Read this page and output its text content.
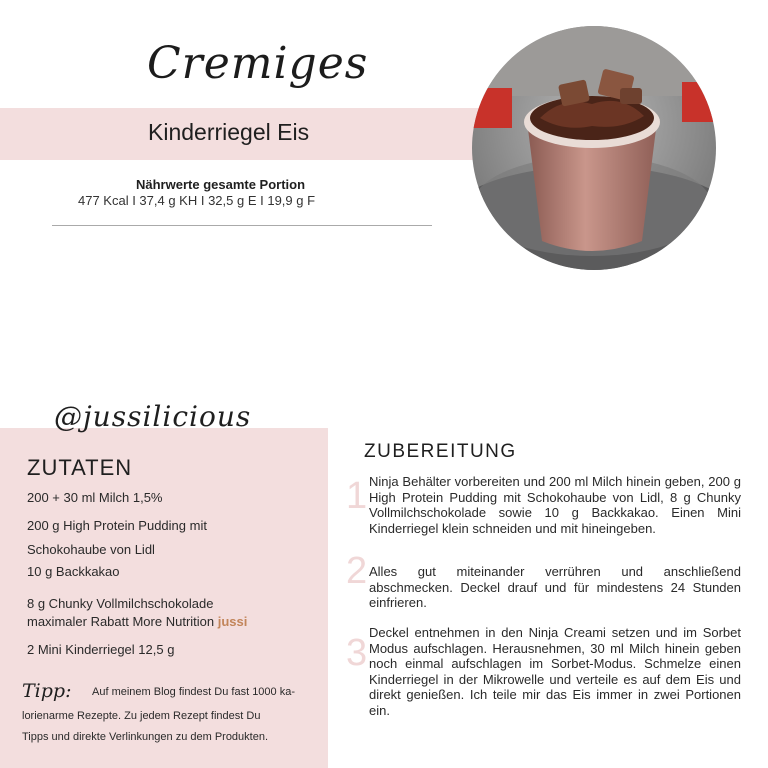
Cremiges
Kinderriegel Eis
Nährwerte gesamte Portion
477 Kcal I 37,4 g KH I 32,5 g E I 19,9 g F
@jussilicious
ZUTATEN
200 + 30 ml Milch 1,5%
200 g High Protein Pudding mit
Schokohaube von Lidl
10 g Backkakao
8 g Chunky Vollmilchschokolade
maximaler Rabatt More Nutrition jussi
2 Mini Kinderriegel 12,5 g
Tipp: Auf meinem Blog findest Du fast 1000 ka-
lorienarme Rezepte. Zu jedem Rezept findest Du
Tipps und direkte Verlinkungen zu dem Produkten.
ZUBEREITUNG
1 Ninja Behälter vorbereiten und 200 ml Milch hinein geben, 200 g High Protein Pudding mit Schokohaube von Lidl, 8 g Chunky Vollmilchschokolade sowie 10 g Backkakao. Einen Mini Kinderriegel klein schneiden und mit hineingeben.
2 Alles gut miteinander verrühren und anschließend abschmecken. Deckel drauf und für mindestens 24 Stunden einfrieren.
3 Deckel entnehmen in den Ninja Creami setzen und im Sorbet Modus aufschlagen. Herausnehmen, 30 ml Milch hinein geben noch einmal aufschlagen im Sorbet-Modus. Schmelze einen Kinderriegel in der Mikrowelle und verteile es auf dem Eis und direkt genießen. Ich teile mir das Eis immer in zwei Portionen ein.
